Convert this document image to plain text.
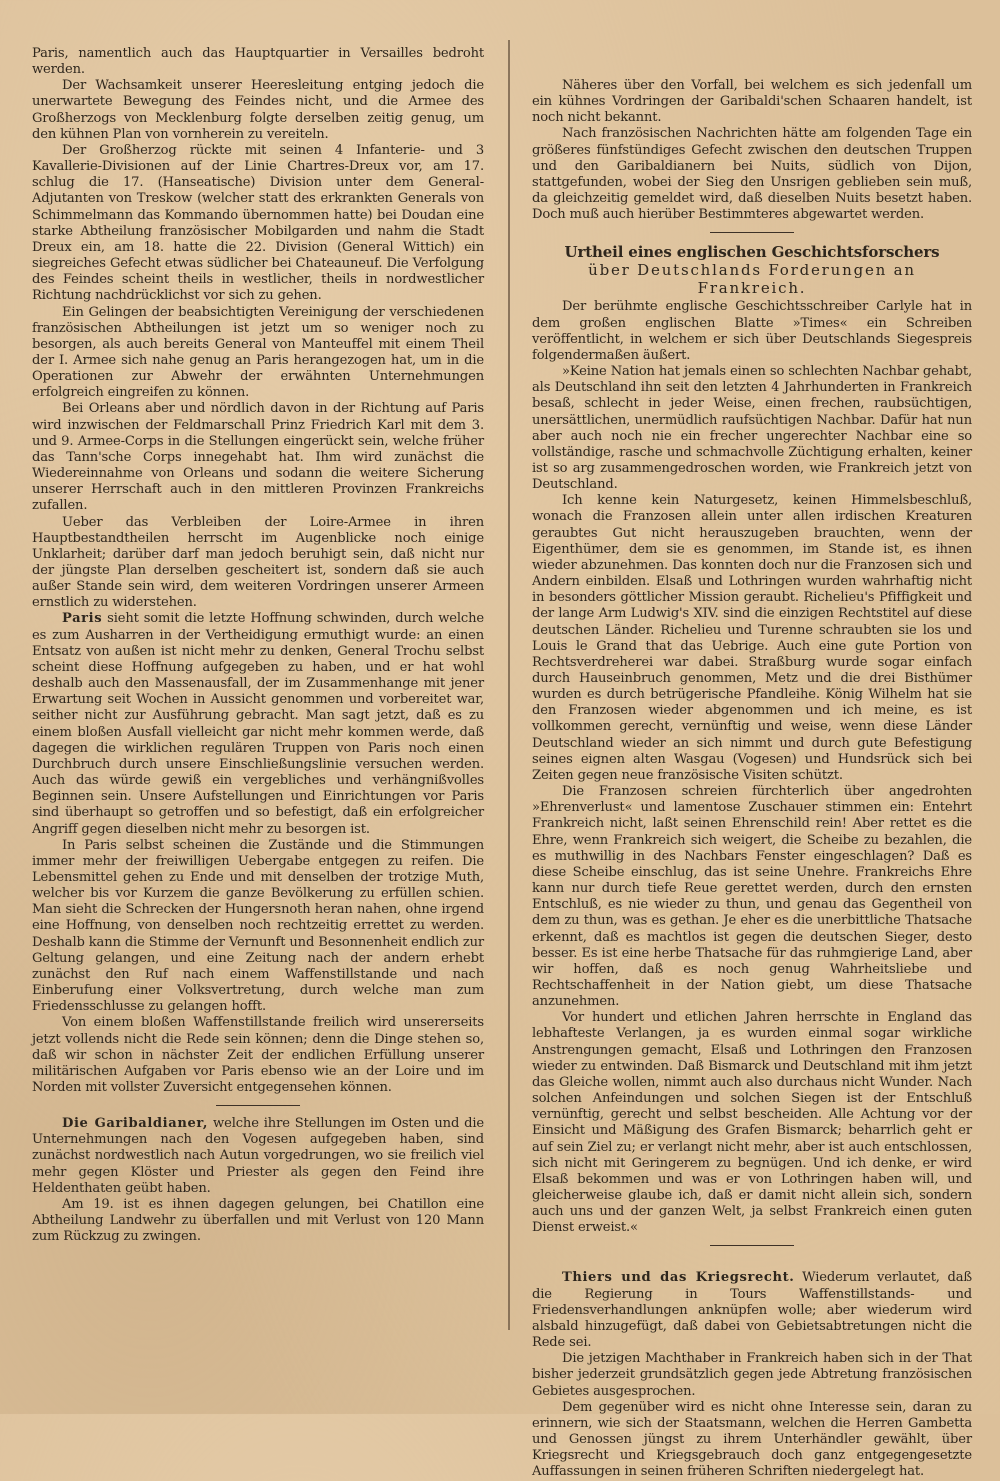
Paris, namentlich auch das Hauptquartier in Versailles bedroht werden.

Der Wachsamkeit unserer Heeresleitung entging jedoch die unerwartete Bewegung des Feindes nicht, und die Armee des Großherzogs von Mecklenburg folgte derselben zeitig genug, um den kühnen Plan von vornherein zu vereiteln.

Der Großherzog rückte mit seinen 4 Infanterie- und 3 Kavallerie-Divisionen auf der Linie Chartres-Dreux vor, am 17. schlug die 17. (Hanseatische) Division unter dem General-Adjutanten von Treskow (welcher statt des erkrankten Generals von Schimmelmann das Kommando übernommen hatte) bei Doudan eine starke Abtheilung französischer Mobilgarden und nahm die Stadt Dreux ein, am 18. hatte die 22. Division (General Wittich) ein siegreiches Gefecht etwas südlicher bei Chateauneuf. Die Verfolgung des Feindes scheint theils in westlicher, theils in nordwestlicher Richtung nachdrücklichst vor sich zu gehen.

Ein Gelingen der beabsichtigten Vereinigung der verschiedenen französischen Abtheilungen ist jetzt um so weniger noch zu besorgen, als auch bereits General von Manteuffel mit einem Theil der I. Armee sich nahe genug an Paris herangezogen hat, um in die Operationen zur Abwehr der erwähnten Unternehmungen erfolgreich eingreifen zu können.

Bei Orleans aber und nördlich davon in der Richtung auf Paris wird inzwischen der Feldmarschall Prinz Friedrich Karl mit dem 3. und 9. Armee-Corps in die Stellungen eingerückt sein, welche früher das Tann'sche Corps innegehabt hat. Ihm wird zunächst die Wiedereinnahme von Orleans und sodann die weitere Sicherung unserer Herrschaft auch in den mittleren Provinzen Frankreichs zufallen.

Ueber das Verbleiben der Loire-Armee in ihren Hauptbestandtheilen herrscht im Augenblicke noch einige Unklarheit; darüber darf man jedoch beruhigt sein, daß nicht nur der jüngste Plan derselben gescheitert ist, sondern daß sie auch außer Stande sein wird, dem weiteren Vordringen unserer Armeen ernstlich zu widerstehen.

Paris sieht somit die letzte Hoffnung schwinden, durch welche es zum Ausharren in der Vertheidigung ermuthigt wurde: an einen Entsatz von außen ist nicht mehr zu denken, General Trochu selbst scheint diese Hoffnung aufgegeben zu haben, und er hat wohl deshalb auch den Massenausfall, der im Zusammenhange mit jener Erwartung seit Wochen in Aussicht genommen und vorbereitet war, seither nicht zur Ausführung gebracht. Man sagt jetzt, daß es zu einem bloßen Ausfall vielleicht gar nicht mehr kommen werde, daß dagegen die wirklichen regulären Truppen von Paris noch einen Durchbruch durch unsere Einschließungslinie versuchen werden. Auch das würde gewiß ein vergebliches und verhängnißvolles Beginnen sein. Unsere Aufstellungen und Einrichtungen vor Paris sind überhaupt so getroffen und so befestigt, daß ein erfolgreicher Angriff gegen dieselben nicht mehr zu besorgen ist.

In Paris selbst scheinen die Zustände und die Stimmungen immer mehr der freiwilligen Uebergabe entgegen zu reifen. Die Lebensmittel gehen zu Ende und mit denselben der trotzige Muth, welcher bis vor Kurzem die ganze Bevölkerung zu erfüllen schien. Man sieht die Schrecken der Hungersnoth heran nahen, ohne irgend eine Hoffnung, von denselben noch rechtzeitig errettet zu werden. Deshalb kann die Stimme der Vernunft und Besonnenheit endlich zur Geltung gelangen, und eine Zeitung nach der andern erhebt zunächst den Ruf nach einem Waffenstillstande und nach Einberufung einer Volksvertretung, durch welche man zum Friedensschlusse zu gelangen hofft.

Von einem bloßen Waffenstillstande freilich wird unsererseits jetzt vollends nicht die Rede sein können; denn die Dinge stehen so, daß wir schon in nächster Zeit der endlichen Erfüllung unserer militärischen Aufgaben vor Paris ebenso wie an der Loire und im Norden mit vollster Zuversicht entgegensehen können.

Die Garibaldianer, welche ihre Stellungen im Osten und die Unternehmungen nach den Vogesen aufgegeben haben, sind zunächst nordwestlich nach Autun vorgedrungen, wo sie freilich viel mehr gegen Klöster und Priester als gegen den Feind ihre Heldenthaten geübt haben.

Am 19. ist es ihnen dagegen gelungen, bei Chatillon eine Abtheilung Landwehr zu überfallen und mit Verlust von 120 Mann zum Rückzug zu zwingen.

Näheres über den Vorfall, bei welchem es sich jedenfall um ein kühnes Vordringen der Garibaldi'schen Schaaren handelt, ist noch nicht bekannt.

Nach französischen Nachrichten hätte am folgenden Tage ein größeres fünfstündiges Gefecht zwischen den deutschen Truppen und den Garibaldianern bei Nuits, südlich von Dijon, stattgefunden, wobei der Sieg den Unsrigen geblieben sein muß, da gleichzeitig gemeldet wird, daß dieselben Nuits besetzt haben. Doch muß auch hierüber Bestimmteres abgewartet werden.

Urtheil eines englischen Geschichtsforschers
über Deutschlands Forderungen an Frankreich.

Der berühmte englische Geschichtsschreiber Carlyle hat in dem großen englischen Blatte »Times« ein Schreiben veröffentlicht, in welchem er sich über Deutschlands Siegespreis folgendermaßen äußert.

»Keine Nation hat jemals einen so schlechten Nachbar gehabt, als Deutschland ihn seit den letzten 4 Jahrhunderten in Frankreich besaß, schlecht in jeder Weise, einen frechen, raubsüchtigen, unersättlichen, unermüdlich raufsüchtigen Nachbar. Dafür hat nun aber auch noch nie ein frecher ungerechter Nachbar eine so vollständige, rasche und schmachvolle Züchtigung erhalten, keiner ist so arg zusammengedroschen worden, wie Frankreich jetzt von Deutschland.

Ich kenne kein Naturgesetz, keinen Himmelsbeschluß, wonach die Franzosen allein unter allen irdischen Kreaturen geraubtes Gut nicht herauszugeben brauchten, wenn der Eigenthümer, dem sie es genommen, im Stande ist, es ihnen wieder abzunehmen. Das konnten doch nur die Franzosen sich und Andern einbilden. Elsaß und Lothringen wurden wahrhaftig nicht in besonders göttlicher Mission geraubt. Richelieu's Pfiffigkeit und der lange Arm Ludwig's XIV. sind die einzigen Rechtstitel auf diese deutschen Länder. Richelieu und Turenne schraubten sie los und Louis le Grand that das Uebrige. Auch eine gute Portion von Rechtsverdreherei war dabei. Straßburg wurde sogar einfach durch Hauseinbruch genommen, Metz und die drei Bisthümer wurden es durch betrügerische Pfandleihe. König Wilhelm hat sie den Franzosen wieder abgenommen und ich meine, es ist vollkommen gerecht, vernünftig und weise, wenn diese Länder Deutschland wieder an sich nimmt und durch gute Befestigung seines eignen alten Wasgau (Vogesen) und Hundsrück sich bei Zeiten gegen neue französische Visiten schützt.

Die Franzosen schreien fürchterlich über angedrohten »Ehrenverlust« und lamentose Zuschauer stimmen ein: Entehrt Frankreich nicht, laßt seinen Ehrenschild rein! Aber rettet es die Ehre, wenn Frankreich sich weigert, die Scheibe zu bezahlen, die es muthwillig in des Nachbars Fenster eingeschlagen? Daß es diese Scheibe einschlug, das ist seine Unehre. Frankreichs Ehre kann nur durch tiefe Reue gerettet werden, durch den ernsten Entschluß, es nie wieder zu thun, und genau das Gegentheil von dem zu thun, was es gethan. Je eher es die unerbittliche Thatsache erkennt, daß es machtlos ist gegen die deutschen Sieger, desto besser. Es ist eine herbe Thatsache für das ruhmgierige Land, aber wir hoffen, daß es noch genug Wahrheitsliebe und Rechtschaffenheit in der Nation giebt, um diese Thatsache anzunehmen.

Vor hundert und etlichen Jahren herrschte in England das lebhafteste Verlangen, ja es wurden einmal sogar wirkliche Anstrengungen gemacht, Elsaß und Lothringen den Franzosen wieder zu entwinden. Daß Bismarck und Deutschland mit ihm jetzt das Gleiche wollen, nimmt auch also durchaus nicht Wunder. Nach solchen Anfeindungen und solchen Siegen ist der Entschluß vernünftig, gerecht und selbst bescheiden. Alle Achtung vor der Einsicht und Mäßigung des Grafen Bismarck; beharrlich geht er auf sein Ziel zu; er verlangt nicht mehr, aber ist auch entschlossen, sich nicht mit Geringerem zu begnügen. Und ich denke, er wird Elsaß bekommen und was er von Lothringen haben will, und gleicherweise glaube ich, daß er damit nicht allein sich, sondern auch uns und der ganzen Welt, ja selbst Frankreich einen guten Dienst erweist.«

Thiers und das Kriegsrecht. Wiederum verlautet, daß die Regierung in Tours Waffenstillstands- und Friedensverhandlungen anknüpfen wolle; aber wiederum wird alsbald hinzugefügt, daß dabei von Gebietsabtretungen nicht die Rede sei.

Die jetzigen Machthaber in Frankreich haben sich in der That bisher jederzeit grundsätzlich gegen jede Abtretung französischen Gebietes ausgesprochen.

Dem gegenüber wird es nicht ohne Interesse sein, daran zu erinnern, wie sich der Staatsmann, welchen die Herren Gambetta und Genossen jüngst zu ihrem Unterhändler gewählt, über Kriegsrecht und Kriegsgebrauch doch ganz entgegengesetzte Auffassungen in seinen früheren Schriften niedergelegt hat.
